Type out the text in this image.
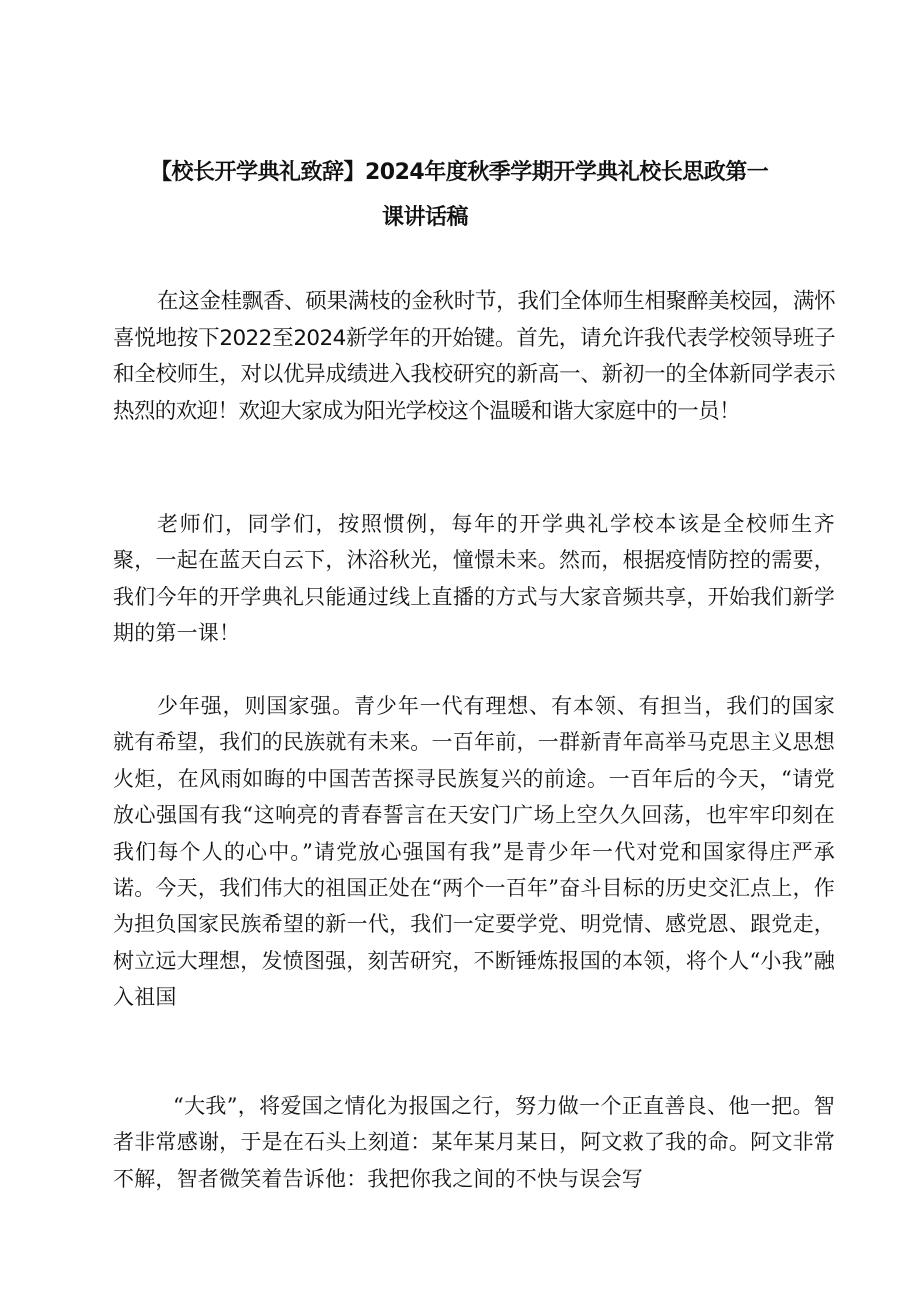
【校长开学典礼致辞】2024年度秋季学期开学典礼校长思政第一
课讲话稿

在这金桂飘香、硕果满枝的金秋时节，我们全体师生相聚醉美校园，满怀喜悦地按下2022至2024新学年的开始键。首先，请允许我代表学校领导班子和全校师生，对以优异成绩进入我校研究的新高一、新初一的全体新同学表示热烈的欢迎！欢迎大家成为阳光学校这个温暖和谐大家庭中的一员！

老师们，同学们，按照惯例，每年的开学典礼学校本该是全校师生齐聚，一起在蓝天白云下，沐浴秋光，憧憬未来。然而，根据疫情防控的需要，我们今年的开学典礼只能通过线上直播的方式与大家音频共享，开始我们新学期的第一课！

少年强，则国家强。青少年一代有理想、有本领、有担当，我们的国家就有希望，我们的民族就有未来。一百年前，一群新青年高举马克思主义思想火炬，在风雨如晦的中国苦苦探寻民族复兴的前途。一百年后的今天，“请党放心强国有我“这响亮的青春誓言在天安门广场上空久久回荡，也牢牢印刻在我们每个人的心中。”请党放心强国有我”是青少年一代对党和国家得庄严承诺。今天，我们伟大的祖国正处在“两个一百年”奋斗目标的历史交汇点上，作为担负国家民族希望的新一代，我们一定要学党、明党情、感党恩、跟党走，树立远大理想，发愤图强，刻苦研究，不断锤炼报国的本领，将个人“小我”融入祖国

“大我”，将爱国之情化为报国之行，努力做一个正直善良、他一把。智者非常感谢，于是在石头上刻道：某年某月某日，阿文救了我的命。阿文非常不解，智者微笑着告诉他：我把你我之间的不快与误会写
